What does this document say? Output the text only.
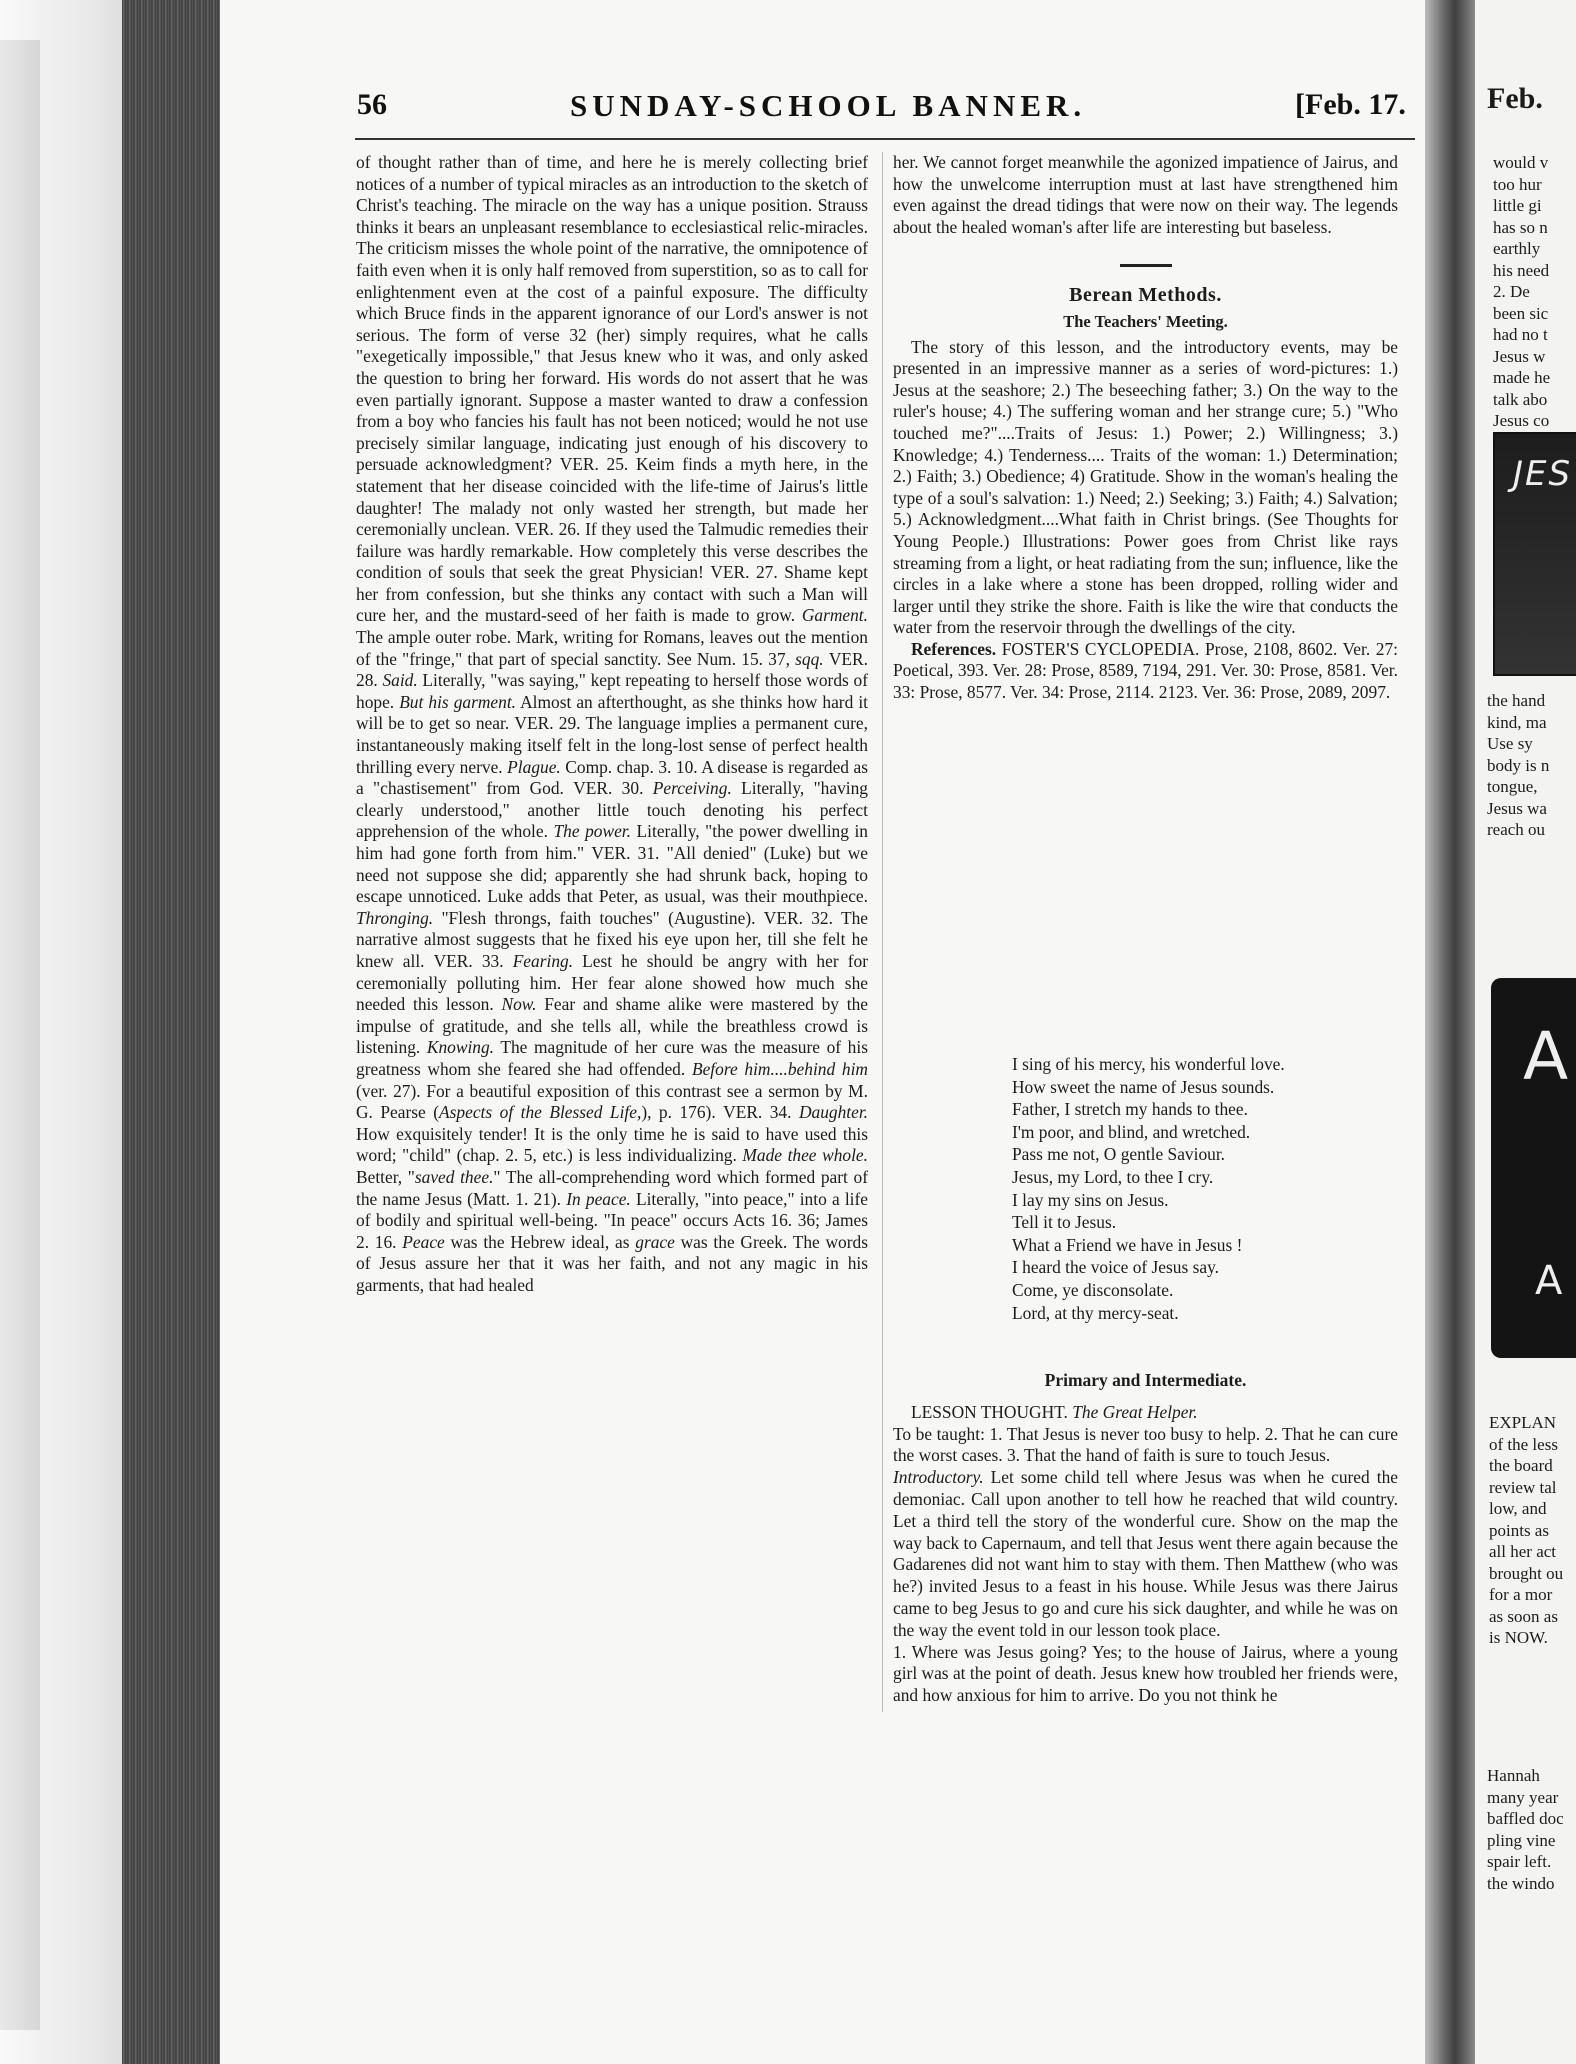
56	SUNDAY-SCHOOL BANNER.	[Feb. 17.

of thought rather than of time, and here he is merely collecting brief notices of a number of typical miracles as an introduction to the sketch of Christ's teaching. The miracle on the way has a unique position. Strauss thinks it bears an unpleasant resemblance to ecclesiastical relic-miracles. The criticism misses the whole point of the narrative, the omnipotence of faith even when it is only half removed from superstition, so as to call for enlightenment even at the cost of a painful exposure. The difficulty which Bruce finds in the apparent ignorance of our Lord's answer is not serious. The form of verse 32 (her) simply requires, what he calls "exegetically impossible," that Jesus knew who it was, and only asked the question to bring her forward. His words do not assert that he was even partially ignorant. Suppose a master wanted to draw a confession from a boy who fancies his fault has not been noticed; would he not use precisely similar language, indicating just enough of his discovery to persuade acknowledgment? VER. 25. Keim finds a myth here, in the statement that her disease coincided with the life-time of Jairus's little daughter! The malady not only wasted her strength, but made her ceremonially unclean. VER. 26. If they used the Talmudic remedies their failure was hardly remarkable. How completely this verse describes the condition of souls that seek the great Physician! VER. 27. Shame kept her from confession, but she thinks any contact with such a Man will cure her, and the mustard-seed of her faith is made to grow. Garment. The ample outer robe. Mark, writing for Romans, leaves out the mention of the "fringe," that part of special sanctity. See Num. 15. 37, sqq. VER. 28. Said. Literally, "was saying," kept repeating to herself those words of hope. But his garment. Almost an afterthought, as she thinks how hard it will be to get so near. VER. 29. The language implies a permanent cure, instantaneously making itself felt in the long-lost sense of perfect health thrilling every nerve. Plague. Comp. chap. 3. 10. A disease is regarded as a "chastisement" from God. VER. 30. Perceiving. Literally, "having clearly understood," another little touch denoting his perfect apprehension of the whole. The power. Literally, "the power dwelling in him had gone forth from him." VER. 31. "All denied" (Luke) but we need not suppose she did; apparently she had shrunk back, hoping to escape unnoticed. Luke adds that Peter, as usual, was their mouthpiece. Thronging. "Flesh throngs, faith touches" (Augustine). VER. 32. The narrative almost suggests that he fixed his eye upon her, till she felt he knew all. VER. 33. Fearing. Lest he should be angry with her for ceremonially polluting him. Her fear alone showed how much she needed this lesson. Now. Fear and shame alike were mastered by the impulse of gratitude, and she tells all, while the breathless crowd is listening. Knowing. The magnitude of her cure was the measure of his greatness whom she feared she had offended. Before him....behind him (ver. 27). For a beautiful exposition of this contrast see a sermon by M. G. Pearse (Aspects of the Blessed Life,), p. 176). VER. 34. Daughter. How exquisitely tender! It is the only time he is said to have used this word; "child" (chap. 2. 5, etc.) is less individualizing. Made thee whole. Better, "saved thee." The all-comprehending word which formed part of the name Jesus (Matt. 1. 21). In peace. Literally, "into peace," into a life of bodily and spiritual well-being. "In peace" occurs Acts 16. 36; James 2. 16. Peace was the Hebrew ideal, as grace was the Greek. The words of Jesus assure her that it was her faith, and not any magic in his garments, that had healed

her. We cannot forget meanwhile the agonized impatience of Jairus, and how the unwelcome interruption must at last have strengthened him even against the dread tidings that were now on their way. The legends about the healed woman's after life are interesting but baseless.

Berean Methods.
The Teachers' Meeting.

The story of this lesson, and the introductory events, may be presented in an impressive manner as a series of word-pictures: 1.) Jesus at the seashore; 2.) The beseeching father; 3.) On the way to the ruler's house; 4.) The suffering woman and her strange cure; 5.) "Who touched me?"....Traits of Jesus: 1.) Power; 2.) Willingness; 3.) Knowledge; 4.) Tenderness.... Traits of the woman: 1.) Determination; 2.) Faith; 3.) Obedience; 4) Gratitude. Show in the woman's healing the type of a soul's salvation: 1.) Need; 2.) Seeking; 3.) Faith; 4.) Salvation; 5.) Acknowledgment....What faith in Christ brings. (See Thoughts for Young People.) Illustrations: Power goes from Christ like rays streaming from a light, or heat radiating from the sun; influence, like the circles in a lake where a stone has been dropped, rolling wider and larger until they strike the shore. Faith is like the wire that conducts the water from the reservoir through the dwellings of the city.

References. FOSTER'S CYCLOPEDIA. Prose, 2108, 8602. Ver. 27: Poetical, 393. Ver. 28: Prose, 8589, 7194, 291. Ver. 30: Prose, 8581. Ver. 33: Prose, 8577. Ver. 34: Prose, 2114. 2123. Ver. 36: Prose, 2089, 2097.

I sing of his mercy, his wonderful love.
How sweet the name of Jesus sounds.
Father, I stretch my hands to thee.
I'm poor, and blind, and wretched.
Pass me not, O gentle Saviour.
Jesus, my Lord, to thee I cry.
I lay my sins on Jesus.
Tell it to Jesus.
What a Friend we have in Jesus !
I heard the voice of Jesus say.
Come, ye disconsolate.
Lord, at thy mercy-seat.
Primary and Intermediate.

LESSON THOUGHT. The Great Helper.

To be taught: 1. That Jesus is never too busy to help. 2. That he can cure the worst cases. 3. That the hand of faith is sure to touch Jesus.

Introductory. Let some child tell where Jesus was when he cured the demoniac. Call upon another to tell how he reached that wild country. Let a third tell the story of the wonderful cure. Show on the map the way back to Capernaum, and tell that Jesus went there again because the Gadarenes did not want him to stay with them. Then Matthew (who was he?) invited Jesus to a feast in his house. While Jesus was there Jairus came to beg Jesus to go and cure his sick daughter, and while he was on the way the event told in our lesson took place.

1. Where was Jesus going? Yes; to the house of Jairus, where a young girl was at the point of death. Jesus knew how troubled her friends were, and how anxious for him to arrive. Do you not think he

Feb.
would v
too hur
little gi
has so n
earthly
his need
2. De
been sic
had no t
Jesus w
made he
talk abo
Jesus co
JES
the hand
kind, ma
Use sy
body is n
tongue,
Jesus wa
reach ou
A
A
EXPLAN
of the less
the board
review tal
low, and
points as
all her act
brought ou
for a mor
as soon as
is NOW.
Hannah
many year
baffled doc
pling vine
spair left.
the windo
